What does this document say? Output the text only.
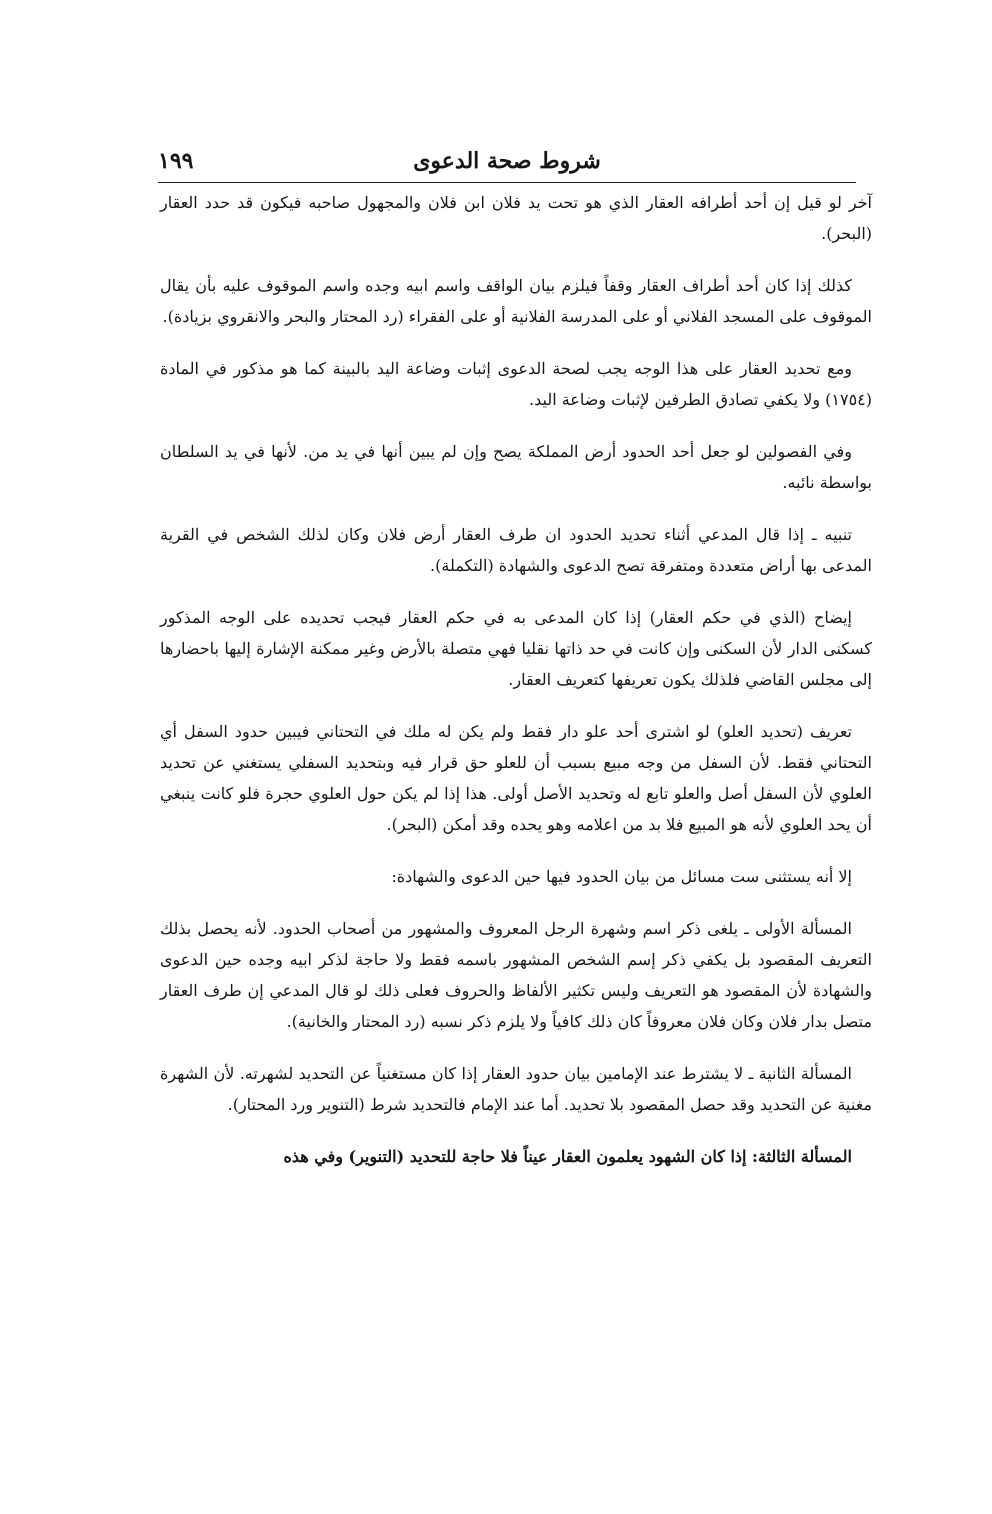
شروط صحة الدعوى
١٩٩

آخر لو قيل إن أحد أطرافه العقار الذي هو تحت يد فلان ابن فلان والمجهول صاحبه فيكون قد حدد العقار (البحر).

كذلك إذا كان أحد أطراف العقار وقفاً فيلزم بيان الواقف واسم ابيه وجده واسم الموقوف عليه بأن يقال الموقوف على المسجد الفلاني أو على المدرسة الفلانية أو على الفقراء (رد المحتار والبحر والانقروي بزيادة).

ومع تحديد العقار على هذا الوجه يجب لصحة الدعوى إثبات وضاعة اليد بالبينة كما هو مذكور في المادة (١٧٥٤) ولا يكفي تصادق الطرفين لإثبات وضاعة اليد.

وفي الفصولين لو جعل أحد الحدود أرض المملكة يصح وإن لم يبين أنها في يد من. لأنها في يد السلطان بواسطة نائبه.

تنبيه ـ إذا قال المدعي أثناء تحديد الحدود ان طرف العقار أرض فلان وكان لذلك الشخص في القرية المدعى بها أراض متعددة ومتفرقة تصح الدعوى والشهادة (التكملة).

إيضاح (الذي في حكم العقار) إذا كان المدعى به في حكم العقار فيجب تحديده على الوجه المذكور كسكنى الدار لأن السكنى وإن كانت في حد ذاتها نقليا فهي متصلة بالأرض وغير ممكنة الإشارة إليها باحضارها إلى مجلس القاضي فلذلك يكون تعريفها كتعريف العقار.

تعريف (تحديد العلو) لو اشترى أحد علو دار فقط ولم يكن له ملك في التحتاني فيبين حدود السفل أي التحتاني فقط. لأن السفل من وجه مبيع بسبب أن للعلو حق قرار فيه وبتحديد السفلي يستغني عن تحديد العلوي لأن السفل أصل والعلو تابع له وتحديد الأصل أولى. هذا إذا لم يكن حول العلوي حجرة فلو كانت ينبغي أن يحد العلوي لأنه هو المبيع فلا بد من اعلامه وهو يحده وقد أمكن (البحر).

إلا أنه يستثنى ست مسائل من بيان الحدود فيها حين الدعوى والشهادة:

المسألة الأولى ـ يلغى ذكر اسم وشهرة الرجل المعروف والمشهور من أصحاب الحدود. لأنه يحصل بذلك التعريف المقصود بل يكفي ذكر إسم الشخص المشهور باسمه فقط ولا حاجة لذكر ابيه وجده حين الدعوى والشهادة لأن المقصود هو التعريف وليس تكثير الألفاظ والحروف فعلى ذلك لو قال المدعي إن طرف العقار متصل بدار فلان وكان فلان معروفاً كان ذلك كافياً ولا يلزم ذكر نسبه (رد المحتار والخانية).

المسألة الثانية ـ لا يشترط عند الإمامين بيان حدود العقار إذا كان مستغنياً عن التحديد لشهرته. لأن الشهرة مغنية عن التحديد وقد حصل المقصود بلا تحديد. أما عند الإمام فالتحديد شرط (التنوير ورد المحتار).

المسألة الثالثة: إذا كان الشهود يعلمون العقار عيناً فلا حاجة للتحديد (التنوير) وفي هذه
